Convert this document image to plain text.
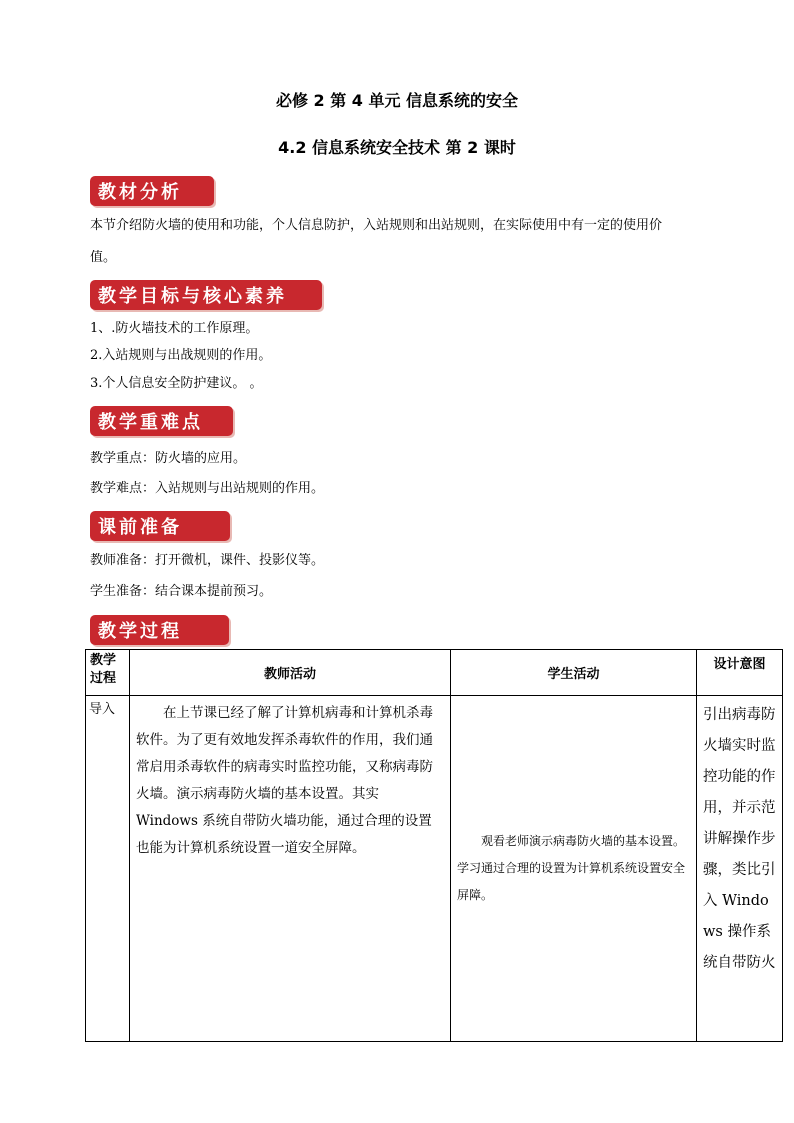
必修 2 第 4 单元 信息系统的安全
4.2 信息系统安全技术 第 2 课时
教材分析
本节介绍防火墙的使用和功能，个人信息防护，入站规则和出站规则，在实际使用中有一定的使用价
值。
教学目标与核心素养
1、.防火墙技术的工作原理。
2.入站规则与出战规则的作用。
3.个人信息安全防护建议。 。
教学重难点
教学重点：防火墙的应用。
教学难点：入站规则与出站规则的作用。
课前准备
教师准备：打开微机，课件、投影仪等。
学生准备：结合课本提前预习。
教学过程
教学
过程	教师活动	学生活动	设计意图
导入	在上节课已经了解了计算机病毒和计算机杀毒软件。为了更有效地发挥杀毒软件的作用，我们通常启用杀毒软件的病毒实时监控功能，又称病毒防火墙。演示病毒防火墙的基本设置。其实 Windows 系统自带防火墙功能，通过合理的设置也能为计算机系统设置一道安全屏障。	观看老师演示病毒防火墙的基本设置。学习通过合理的设置为计算机系统设置安全屏障。	引出病毒防火墙实时监控功能的作用，并示范讲解操作步骤，类比引入 Windows 操作系统自带防火
